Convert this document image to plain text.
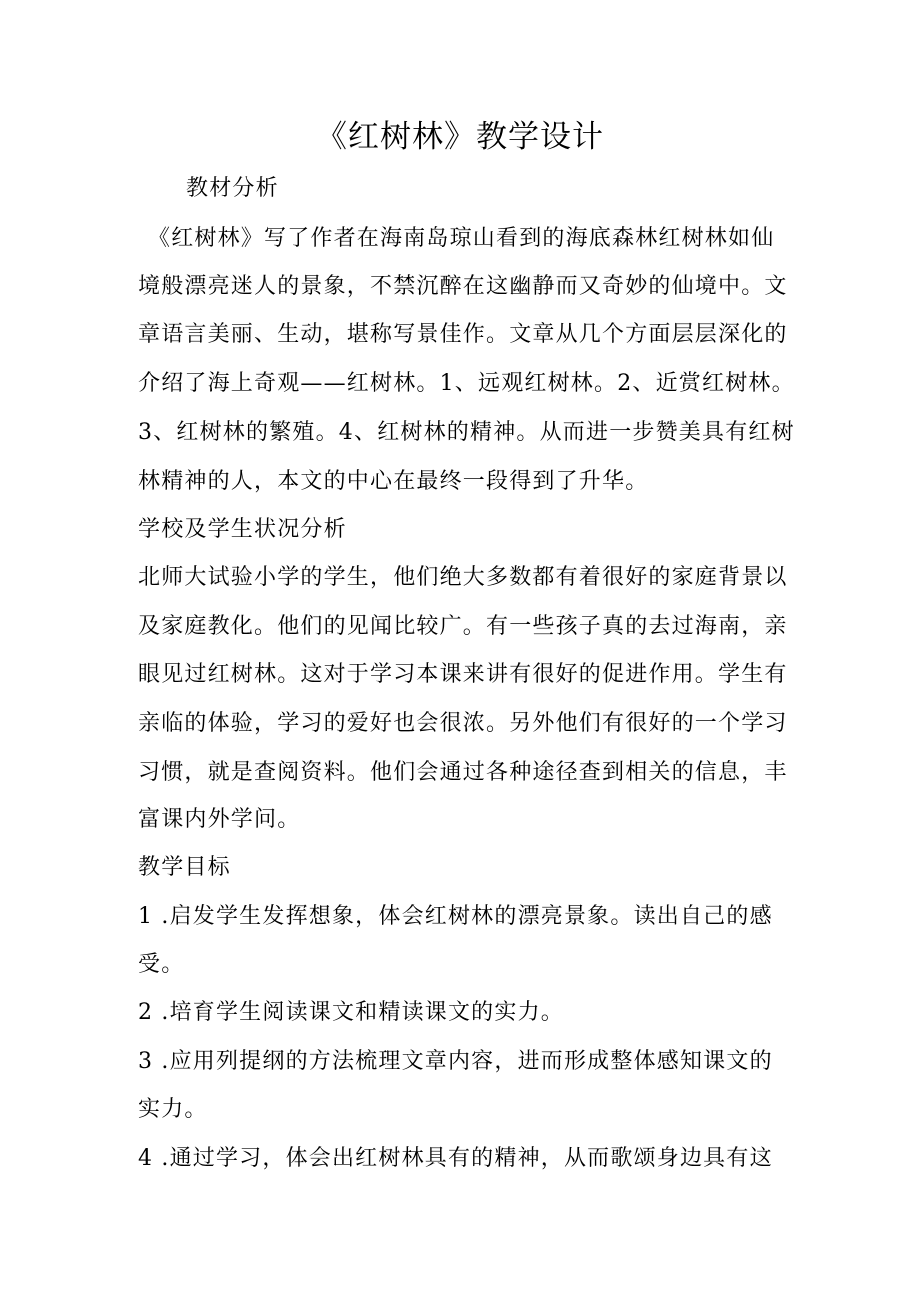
《红树林》教学设计
教材分析
《红树林》写了作者在海南岛琼山看到的海底森林红树林如仙
境般漂亮迷人的景象，不禁沉醉在这幽静而又奇妙的仙境中。文
章语言美丽、生动，堪称写景佳作。文章从几个方面层层深化的
介绍了海上奇观——红树林。1、远观红树林。2、近赏红树林。
3、红树林的繁殖。4、红树林的精神。从而进一步赞美具有红树
林精神的人，本文的中心在最终一段得到了升华。
学校及学生状况分析
北师大试验小学的学生，他们绝大多数都有着很好的家庭背景以
及家庭教化。他们的见闻比较广。有一些孩子真的去过海南，亲
眼见过红树林。这对于学习本课来讲有很好的促进作用。学生有
亲临的体验，学习的爱好也会很浓。另外他们有很好的一个学习
习惯，就是查阅资料。他们会通过各种途径查到相关的信息，丰
富课内外学问。
教学目标
1 .启发学生发挥想象，体会红树林的漂亮景象。读出自己的感
受。
2 .培育学生阅读课文和精读课文的实力。
3 .应用列提纲的方法梳理文章内容，进而形成整体感知课文的
实力。
4 .通过学习，体会出红树林具有的精神，从而歌颂身边具有这
